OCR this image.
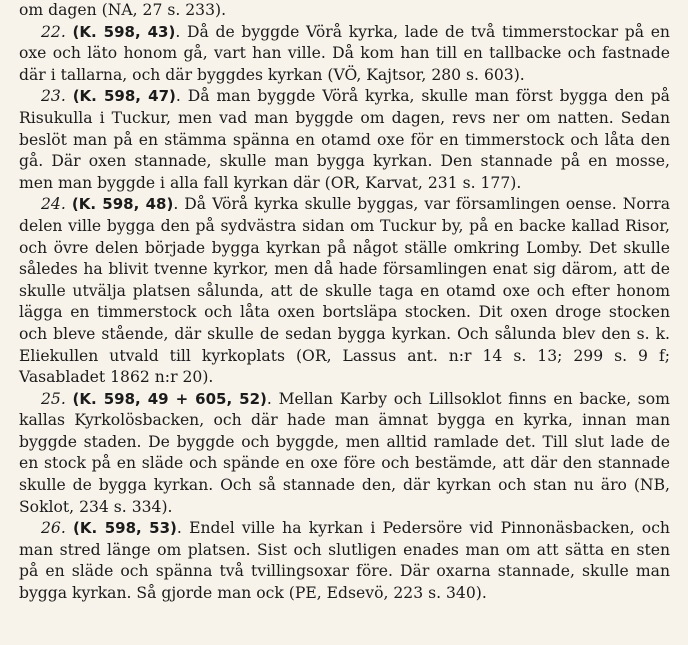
om dagen (NA, 27 s. 233).

22. (K. 598, 43). Då de byggde Vörå kyrka, lade de två timmerstockar på en oxe och läto honom gå, vart han ville. Då kom han till en tallbacke och fastnade där i tallarna, och där byggdes kyrkan (VÖ, Kajtsor, 280 s. 603).

23. (K. 598, 47). Då man byggde Vörå kyrka, skulle man först bygga den på Risukulla i Tuckur, men vad man byggde om dagen, revs ner om natten. Sedan beslöt man på en stämma spänna en otamd oxe för en timmerstock och låta den gå. Där oxen stannade, skulle man bygga kyrkan. Den stannade på en mosse, men man byggde i alla fall kyrkan där (OR, Karvat, 231 s. 177).

24. (K. 598, 48). Då Vörå kyrka skulle byggas, var församlingen oense. Norra delen ville bygga den på sydvästra sidan om Tuckur by, på en backe kallad Risor, och övre delen började bygga kyrkan på något ställe omkring Lomby. Det skulle således ha blivit tvenne kyrkor, men då hade församlingen enat sig därom, att de skulle utvälja platsen sålunda, att de skulle taga en otamd oxe och efter honom lägga en timmerstock och låta oxen bortsläpa stocken. Dit oxen droge stocken och bleve stående, där skulle de sedan bygga kyrkan. Och sålunda blev den s. k. Eliekullen utvald till kyrkoplats (OR, Lassus ant. n:r 14 s. 13; 299 s. 9 f; Vasabladet 1862 n:r 20).

25. (K. 598, 49 + 605, 52). Mellan Karby och Lillsoklot finns en backe, som kallas Kyrkolösbacken, och där hade man ämnat bygga en kyrka, innan man byggde staden. De byggde och byggde, men alltid ramlade det. Till slut lade de en stock på en släde och spände en oxe före och bestämde, att där den stannade skulle de bygga kyrkan. Och så stannade den, där kyrkan och stan nu äro (NB, Soklot, 234 s. 334).

26. (K. 598, 53). Endel ville ha kyrkan i Pedersöre vid Pinnonäsbacken, och man stred länge om platsen. Sist och slutligen enades man om att sätta en sten på en släde och spänna två tvillingsoxar före. Där oxarna stannade, skulle man bygga kyrkan. Så gjorde man ock (PE, Edsevö, 223 s. 340).
